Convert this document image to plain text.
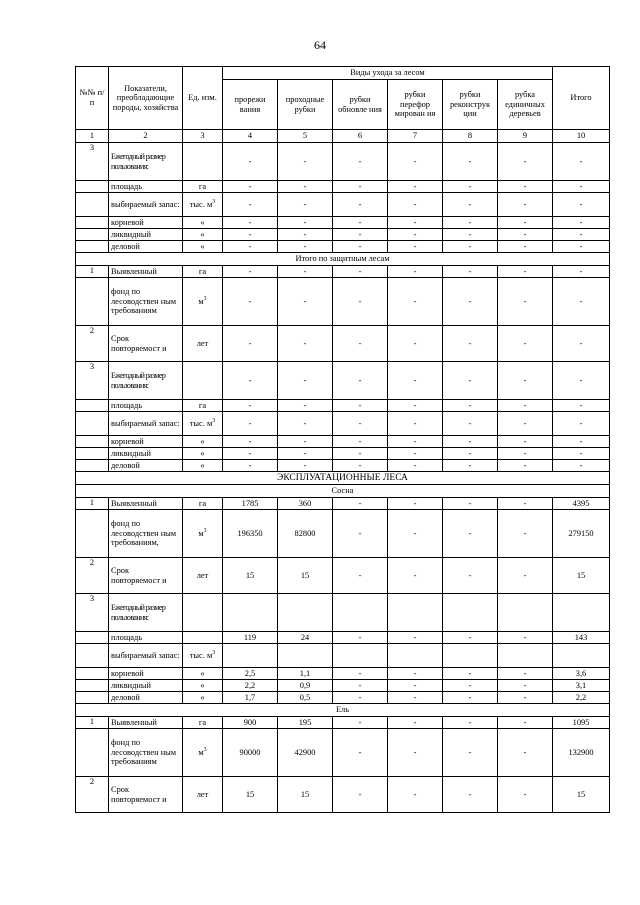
64
№№ п/п	Показатели, преобладающие породы, хозяйства	Ед. изм.	Виды ухода за лесом						Итого
			прорежи вания	проходные рубки	рубки обновле ния	рубки перефор мирован ия	рубки реконструк ции	рубка единичных деревьев	
1	2	3	4	5	6	7	8	9	10
3	Ежегодный размер пользования:		-	-	-	-	-	-	-
	площадь	га	-	-	-	-	-	-	-
	выбираемый запас:	тыс. $м^3$	-	-	-	-	-	-	-
	корневой	«	-	-	-	-	-	-	-
	ликвидный	«	-	-	-	-	-	-	-
	деловой	«	-	-	-	-	-	-	-
Итого по защитным лесам									
1	Выявленный	га	-	-	-	-	-	-	-
	фонд по лесоводствен ным требованиям	$м^3$	-	-	-	-	-	-	-
2	Срок повторяемост и	лет	-	-	-	-	-	-	-
3	Ежегодный размер пользования:		-	-	-	-	-	-	-
	площадь	га	-	-	-	-	-	-	-
	выбираемый запас:	тыс. $м^3$	-	-	-	-	-	-	-
	корневой	«	-	-	-	-	-	-	-
	ликвидный	«	-	-	-	-	-	-	-
	деловой	«	-	-	-	-	-	-	-
ЭКСПЛУАТАЦИОННЫЕ ЛЕСА									
Сосна									
1	Выявленный	га	1785	360	-	-	-	-	4395
	фонд по лесоводствен ным требованиям,	$м^3$	196350	82800	-	-	-	-	279150
2	Срок повторяемост и	лет	15	15	-	-	-	-	15
3	Ежегодный размер пользования:								
	площадь		119	24	-	-	-	-	143
	выбираемый запас:	тыс. $м^3$							
	корневой	«	2,5	1,1	-	-	-	-	3,6
	ликвидный	«	2,2	0,9	-	-	-	-	3,1
	деловой	«	1,7	0,5	-	-	-	-	2,2
Ель									
1	Выявленный	га	900	195	-	-	-	-	1095
	фонд по лесоводствен ным требованиям	$м^3$	90000	42900	-	-	-	-	132900
2	Срок повторяемост и	лет	15	15	-	-	-	-	15
